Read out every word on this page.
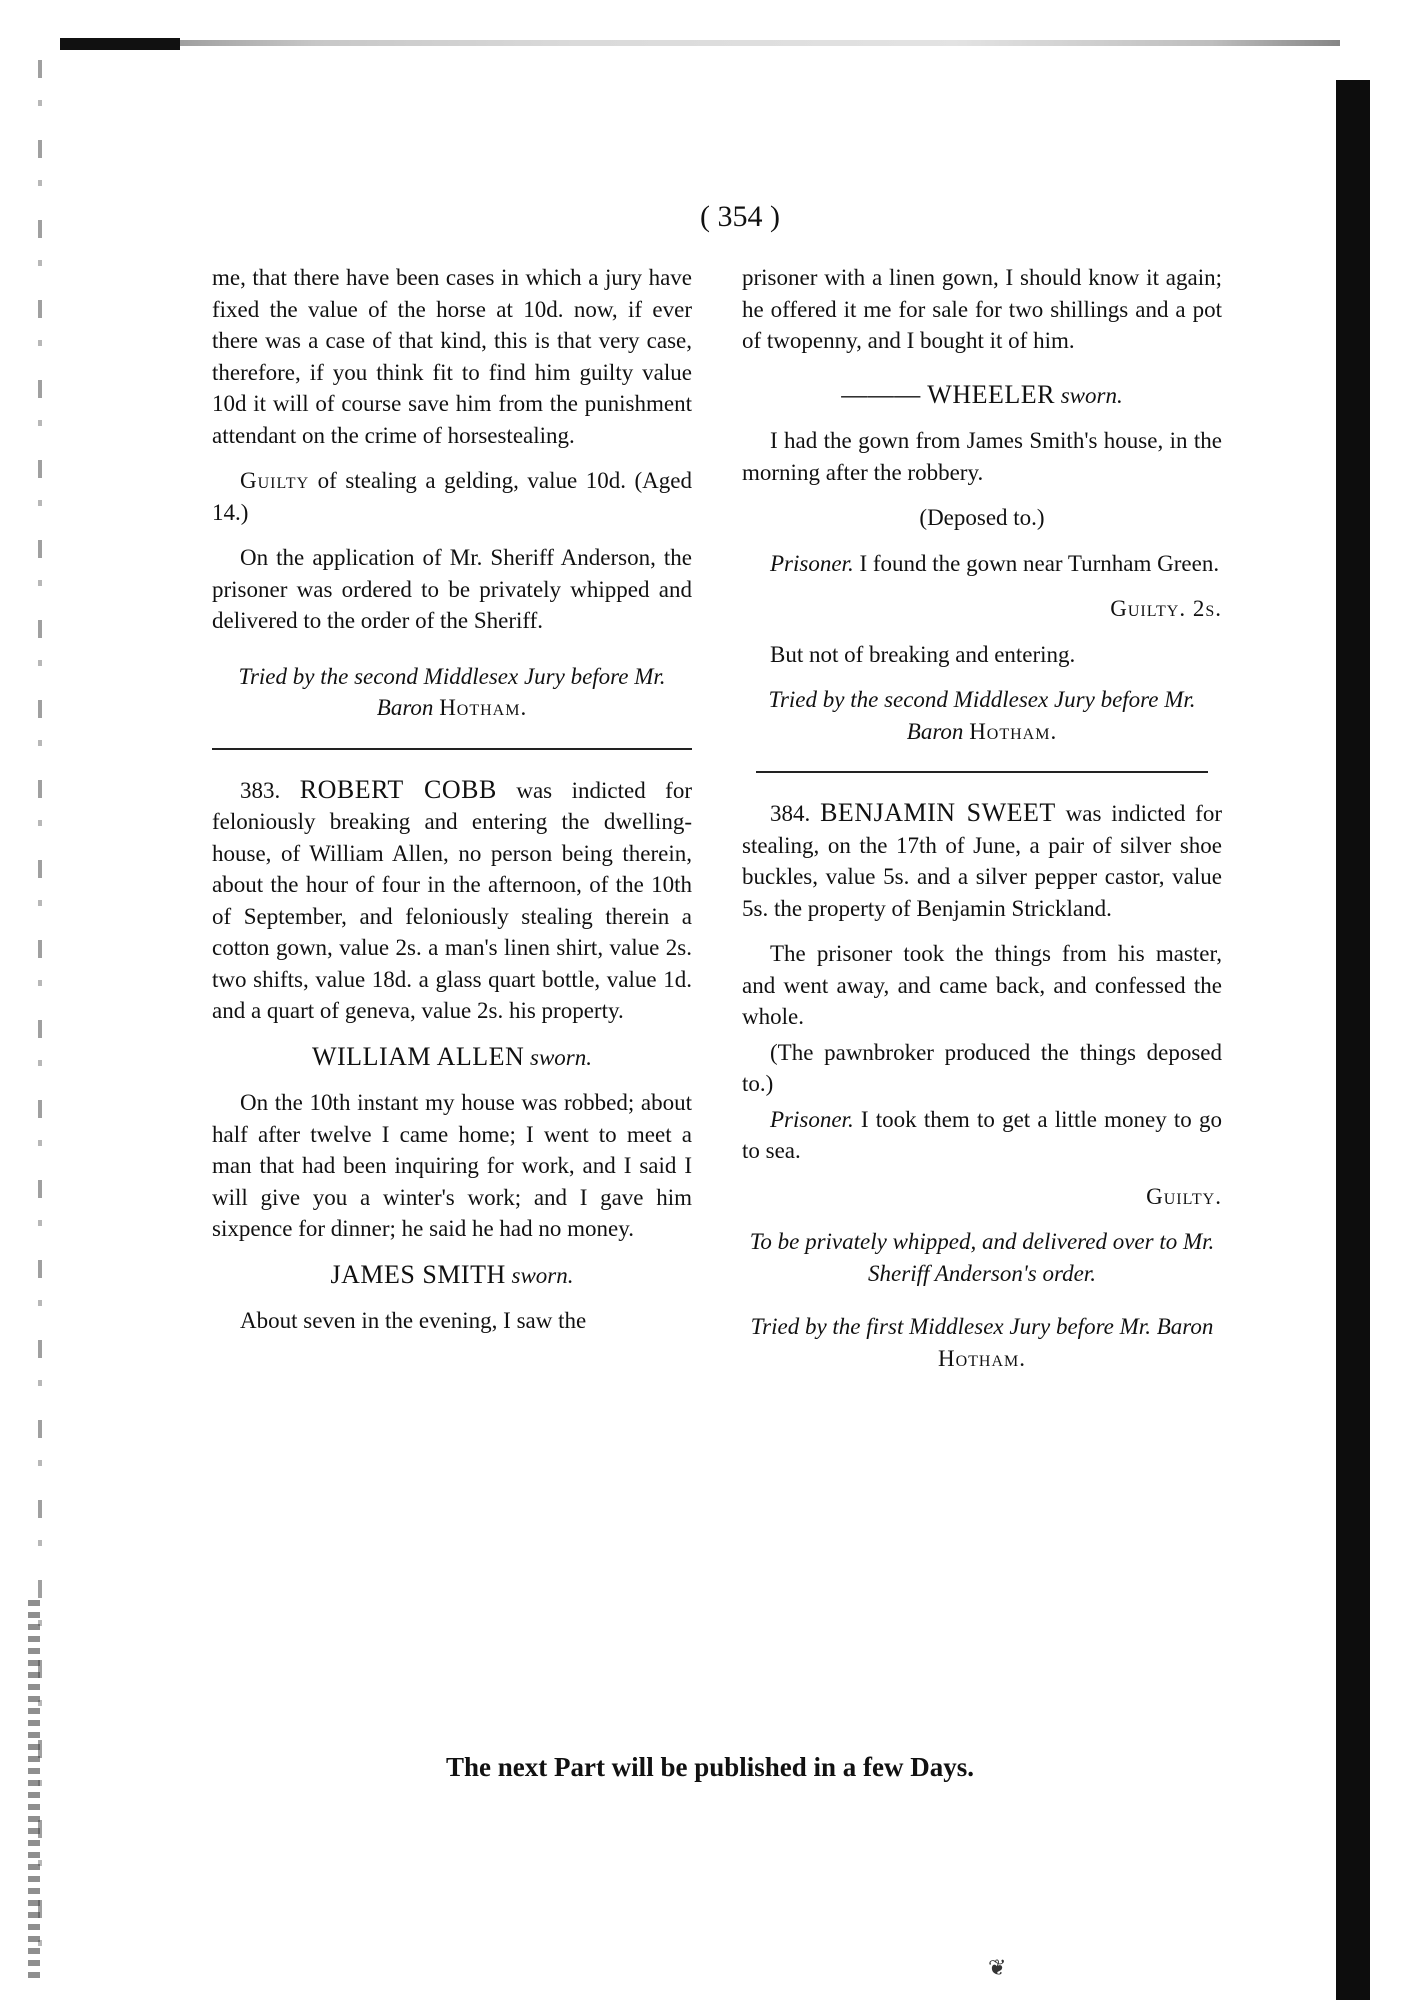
( 354 )

me, that there have been cases in which a jury have fixed the value of the horse at 10d. now, if ever there was a case of that kind, this is that very case, therefore, if you think fit to find him guilty value 10d it will of course save him from the punishment attendant on the crime of horsestealing.

Guilty of stealing a gelding, value 10d. (Aged 14.)

On the application of Mr. Sheriff Anderson, the prisoner was ordered to be privately whipped and delivered to the order of the Sheriff.

Tried by the second Middlesex Jury before Mr. Baron Hotham.

383. ROBERT COBB was indicted for feloniously breaking and entering the dwelling-house, of William Allen, no person being therein, about the hour of four in the afternoon, of the 10th of September, and feloniously stealing therein a cotton gown, value 2s. a man's linen shirt, value 2s. two shifts, value 18d. a glass quart bottle, value 1d. and a quart of geneva, value 2s. his property.

WILLIAM ALLEN sworn.

On the 10th instant my house was robbed; about half after twelve I came home; I went to meet a man that had been inquiring for work, and I said I will give you a winter's work; and I gave him sixpence for dinner; he said he had no money.

JAMES SMITH sworn.

About seven in the evening, I saw the

prisoner with a linen gown, I should know it again; he offered it me for sale for two shillings and a pot of twopenny, and I bought it of him.

——— WHEELER sworn.

I had the gown from James Smith's house, in the morning after the robbery.

(Deposed to.)

Prisoner. I found the gown near Turnham Green.

Guilty. 2s.

But not of breaking and entering.

Tried by the second Middlesex Jury before Mr. Baron Hotham.

384. BENJAMIN SWEET was indicted for stealing, on the 17th of June, a pair of silver shoe buckles, value 5s. and a silver pepper castor, value 5s. the property of Benjamin Strickland.

The prisoner took the things from his master, and went away, and came back, and confessed the whole.

(The pawnbroker produced the things deposed to.)

Prisoner. I took them to get a little money to go to sea.

Guilty.

To be privately whipped, and delivered over to Mr. Sheriff Anderson's order.

Tried by the first Middlesex Jury before Mr. Baron Hotham.

The next Part will be published in a few Days.
❦
